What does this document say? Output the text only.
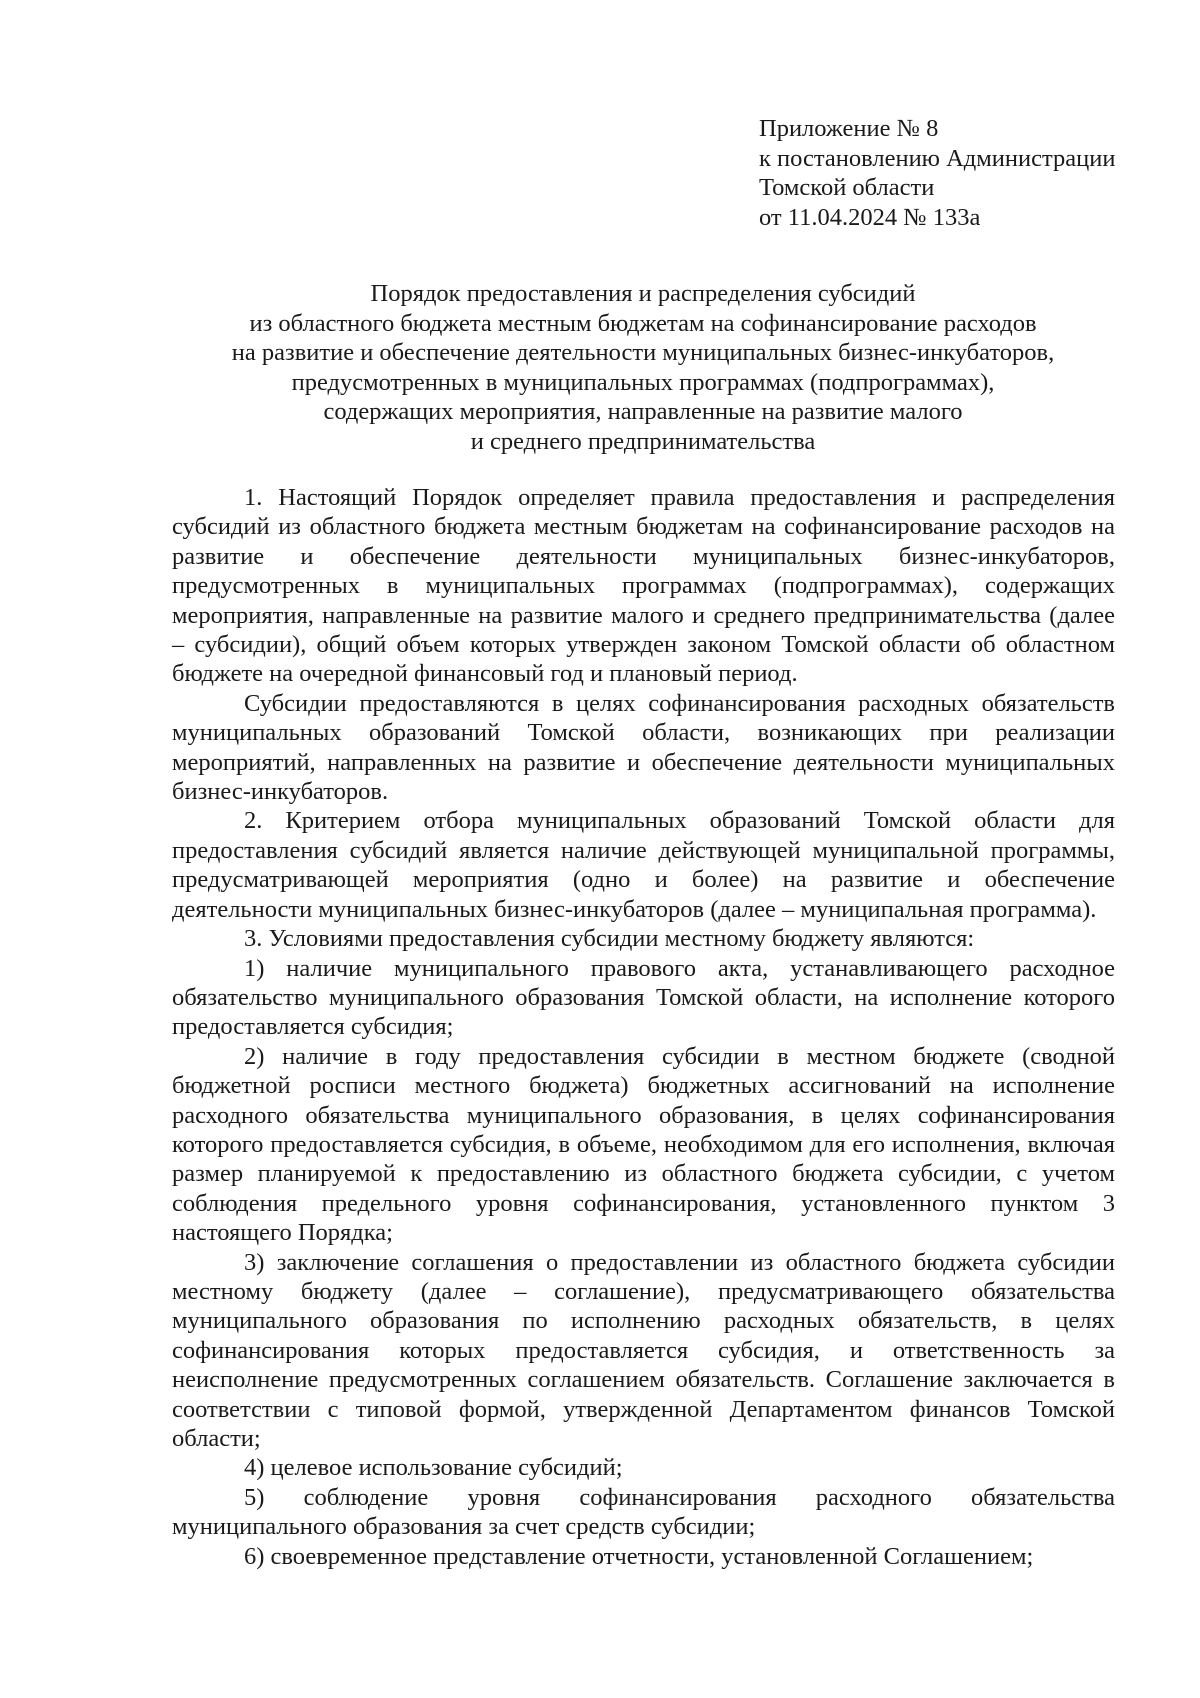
Приложение № 8
к постановлению Администрации
Томской области
от 11.04.2024 № 133а
Порядок предоставления и распределения субсидий
из областного бюджета местным бюджетам на софинансирование расходов
на развитие и обеспечение деятельности муниципальных бизнес-инкубаторов,
предусмотренных в муниципальных программах (подпрограммах),
содержащих мероприятия, направленные на развитие малого
и среднего предпринимательства

1. Настоящий Порядок определяет правила предоставления и распределения субсидий из областного бюджета местным бюджетам на софинансирование расходов на развитие и обеспечение деятельности муниципальных бизнес-инкубаторов, предусмотренных в муниципальных программах (подпрограммах), содержащих мероприятия, направленные на развитие малого и среднего предпринимательства (далее – субсидии), общий объем которых утвержден законом Томской области об областном бюджете на очередной финансовый год и плановый период.

Субсидии предоставляются в целях софинансирования расходных обязательств муниципальных образований Томской области, возникающих при реализации мероприятий, направленных на развитие и обеспечение деятельности муниципальных бизнес-инкубаторов.

2. Критерием отбора муниципальных образований Томской области для предоставления субсидий является наличие действующей муниципальной программы, предусматривающей мероприятия (одно и более) на развитие и обеспечение деятельности муниципальных бизнес-инкубаторов (далее – муниципальная программа).

3. Условиями предоставления субсидии местному бюджету являются:

1) наличие муниципального правового акта, устанавливающего расходное обязательство муниципального образования Томской области, на исполнение которого предоставляется субсидия;

2) наличие в году предоставления субсидии в местном бюджете (сводной бюджетной росписи местного бюджета) бюджетных ассигнований на исполнение расходного обязательства муниципального образования, в целях софинансирования которого предоставляется субсидия, в объеме, необходимом для его исполнения, включая размер планируемой к предоставлению из областного бюджета субсидии, с учетом соблюдения предельного уровня софинансирования, установленного пунктом 3 настоящего Порядка;

3) заключение соглашения о предоставлении из областного бюджета субсидии местному бюджету (далее – соглашение), предусматривающего обязательства муниципального образования по исполнению расходных обязательств, в целях софинансирования которых предоставляется субсидия, и ответственность за неисполнение предусмотренных соглашением обязательств. Соглашение заключается в соответствии с типовой формой, утвержденной Департаментом финансов Томской области;

4) целевое использование субсидий;

5) соблюдение уровня софинансирования расходного обязательства муниципального образования за счет средств субсидии;

6) своевременное представление отчетности, установленной Соглашением;
